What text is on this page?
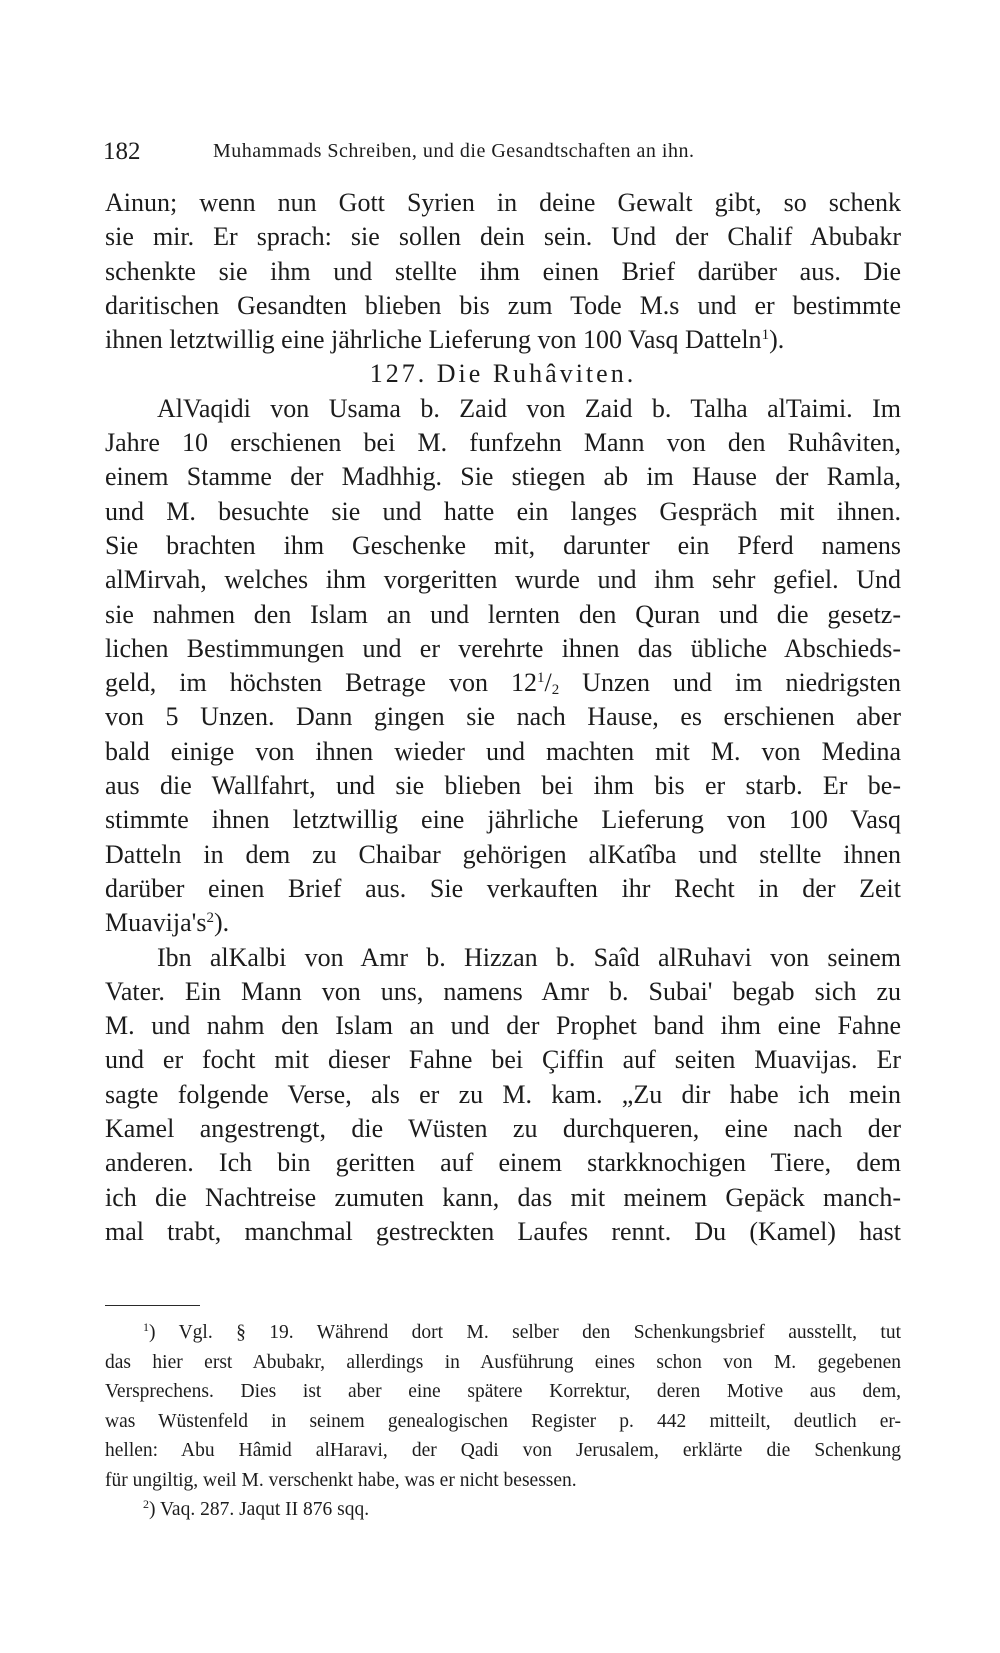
182	Muhammads Schreiben, und die Gesandtschaften an ihn.
Ainun; wenn nun Gott Syrien in deine Gewalt gibt, so schenk
sie mir. Er sprach: sie sollen dein sein. Und der Chalif Abubakr
schenkte sie ihm und stellte ihm einen Brief darüber aus. Die
daritischen Gesandten blieben bis zum Tode M.s und er bestimmte
ihnen letztwillig eine jährliche Lieferung von 100 Vasq Datteln$^1$).
127. Die Ruhâviten.
AlVaqidi von Usama b. Zaid von Zaid b. Talha alTaimi. Im
Jahre 10 erschienen bei M. funfzehn Mann von den Ruhâviten,
einem Stamme der Madhhig. Sie stiegen ab im Hause der Ramla,
und M. besuchte sie und hatte ein langes Gespräch mit ihnen.
Sie brachten ihm Geschenke mit, darunter ein Pferd namens
alMirvah, welches ihm vorgeritten wurde und ihm sehr gefiel. Und
sie nahmen den Islam an und lernten den Quran und die gesetz-
lichen Bestimmungen und er verehrte ihnen das übliche Abschieds-
geld, im höchsten Betrage von $12^1/_2$ Unzen und im niedrigsten
von 5 Unzen. Dann gingen sie nach Hause, es erschienen aber
bald einige von ihnen wieder und machten mit M. von Medina
aus die Wallfahrt, und sie blieben bei ihm bis er starb. Er be-
stimmte ihnen letztwillig eine jährliche Lieferung von 100 Vasq
Datteln in dem zu Chaibar gehörigen alKatîba und stellte ihnen
darüber einen Brief aus. Sie verkauften ihr Recht in der Zeit
$Muavija's^2$).
Ibn alKalbi von Amr b. Hizzan b. Saîd alRuhavi von seinem
Vater. Ein Mann von uns, namens Amr b. Subai' begab sich zu
M. und nahm den Islam an und der Prophet band ihm eine Fahne
und er focht mit dieser Fahne bei Çiffin auf seiten Muavijas. Er
sagte folgende Verse, als er zu M. kam. „Zu dir habe ich mein
Kamel angestrengt, die Wüsten zu durchqueren, eine nach der
anderen. Ich bin geritten auf einem starkknochigen Tiere, dem
ich die Nachtreise zumuten kann, das mit meinem Gepäck manch-
mal trabt, manchmal gestreckten Laufes rennt. Du (Kamel) hast
$^1$) Vgl. § 19. Während dort M. selber den Schenkungsbrief ausstellt, tut
das hier erst Abubakr, allerdings in Ausführung eines schon von M. gegebenen
Versprechens. Dies ist aber eine spätere Korrektur, deren Motive aus dem,
was Wüstenfeld in seinem genealogischen Register p. 442 mitteilt, deutlich er-
hellen: Abu Hâmid alHaravi, der Qadi von Jerusalem, erklärte die Schenkung
für ungiltig, weil M. verschenkt habe, was er nicht besessen.
$^2$) Vaq. 287. Jaqut II 876 sqq.
